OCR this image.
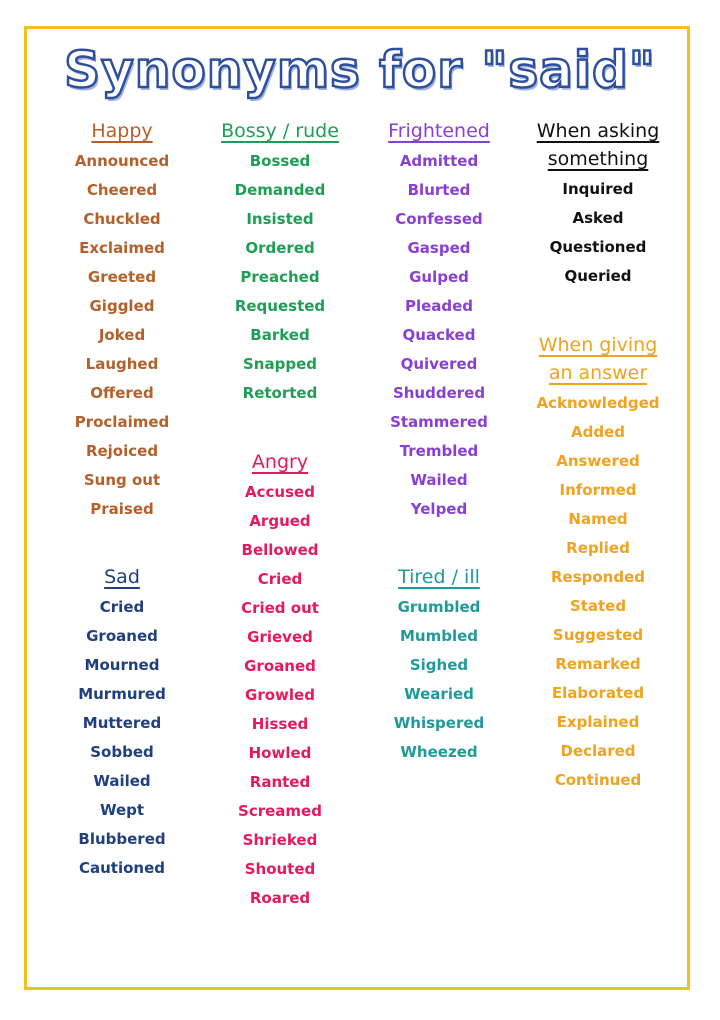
Synonyms for "said"
Happy
Announced
Cheered
Chuckled
Exclaimed
Greeted
Giggled
Joked
Laughed
Offered
Proclaimed
Rejoiced
Sung out
Praised
Sad
Cried
Groaned
Mourned
Murmured
Muttered
Sobbed
Wailed
Wept
Blubbered
Cautioned
Bossy / rude
Bossed
Demanded
Insisted
Ordered
Preached
Requested
Barked
Snapped
Retorted
Angry
Accused
Argued
Bellowed
Cried
Cried out
Grieved
Groaned
Growled
Hissed
Howled
Ranted
Screamed
Shrieked
Shouted
Roared
Frightened
Admitted
Blurted
Confessed
Gasped
Gulped
Pleaded
Quacked
Quivered
Shuddered
Stammered
Trembled
Wailed
Yelped
Tired / ill
Grumbled
Mumbled
Sighed
Wearied
Whispered
Wheezed
When asking
something
Inquired
Asked
Questioned
Queried
When giving
an answer
Acknowledged
Added
Answered
Informed
Named
Replied
Responded
Stated
Suggested
Remarked
Elaborated
Explained
Declared
Continued
